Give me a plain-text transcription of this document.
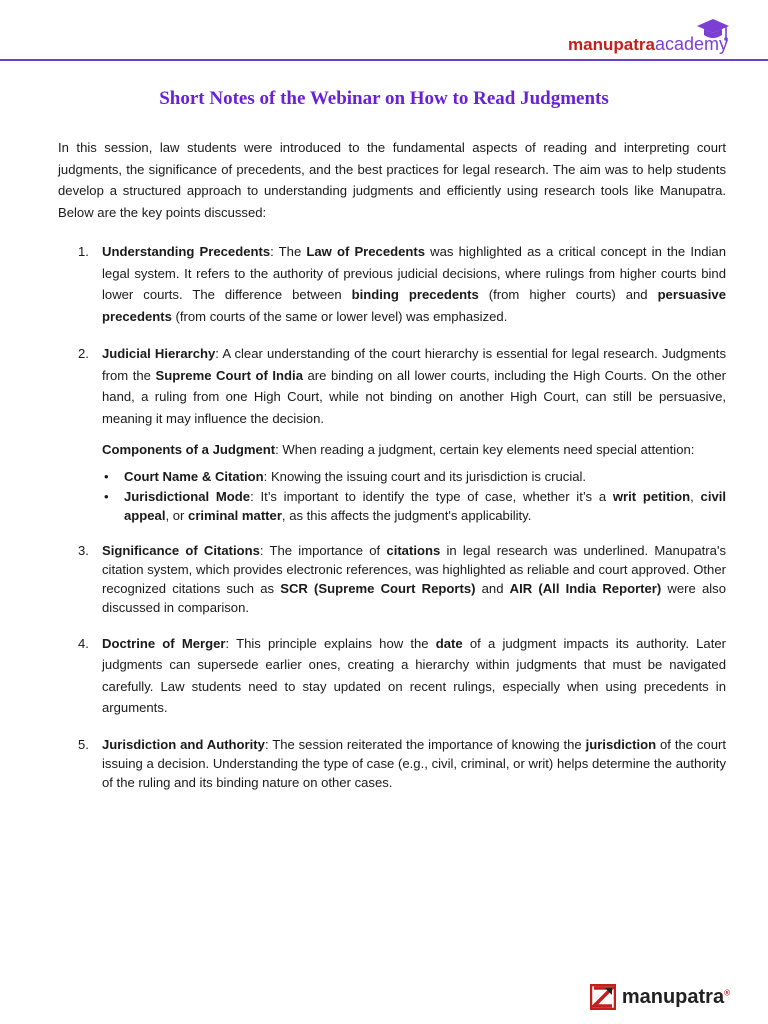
manupatraacademy
Short Notes of the Webinar on How to Read Judgments

In this session, law students were introduced to the fundamental aspects of reading and interpreting court judgments, the significance of precedents, and the best practices for legal research. The aim was to help students develop a structured approach to understanding judgments and efficiently using research tools like Manupatra. Below are the key points discussed:

1. Understanding Precedents: The Law of Precedents was highlighted as a critical concept in the Indian legal system. It refers to the authority of previous judicial decisions, where rulings from higher courts bind lower courts. The difference between binding precedents (from higher courts) and persuasive precedents (from courts of the same or lower level) was emphasized.

2. Judicial Hierarchy: A clear understanding of the court hierarchy is essential for legal research. Judgments from the Supreme Court of India are binding on all lower courts, including the High Courts. On the other hand, a ruling from one High Court, while not binding on another High Court, can still be persuasive, meaning it may influence the decision.

Components of a Judgment: When reading a judgment, certain key elements need special attention:

• Court Name & Citation: Knowing the issuing court and its jurisdiction is crucial.
• Jurisdictional Mode: It’s important to identify the type of case, whether it’s a writ petition, civil appeal, or criminal matter, as this affects the judgment's applicability.
3. Significance of Citations: The importance of citations in legal research was underlined. Manupatra's citation system, which provides electronic references, was highlighted as reliable and court approved. Other recognized citations such as SCR (Supreme Court Reports) and AIR (All India Reporter) were also discussed in comparison.

4. Doctrine of Merger: This principle explains how the date of a judgment impacts its authority. Later judgments can supersede earlier ones, creating a hierarchy within judgments that must be navigated carefully. Law students need to stay updated on recent rulings, especially when using precedents in arguments.

5. Jurisdiction and Authority: The session reiterated the importance of knowing the jurisdiction of the court issuing a decision. Understanding the type of case (e.g., civil, criminal, or writ) helps determine the authority of the ruling and its binding nature on other cases.

manupatra®
